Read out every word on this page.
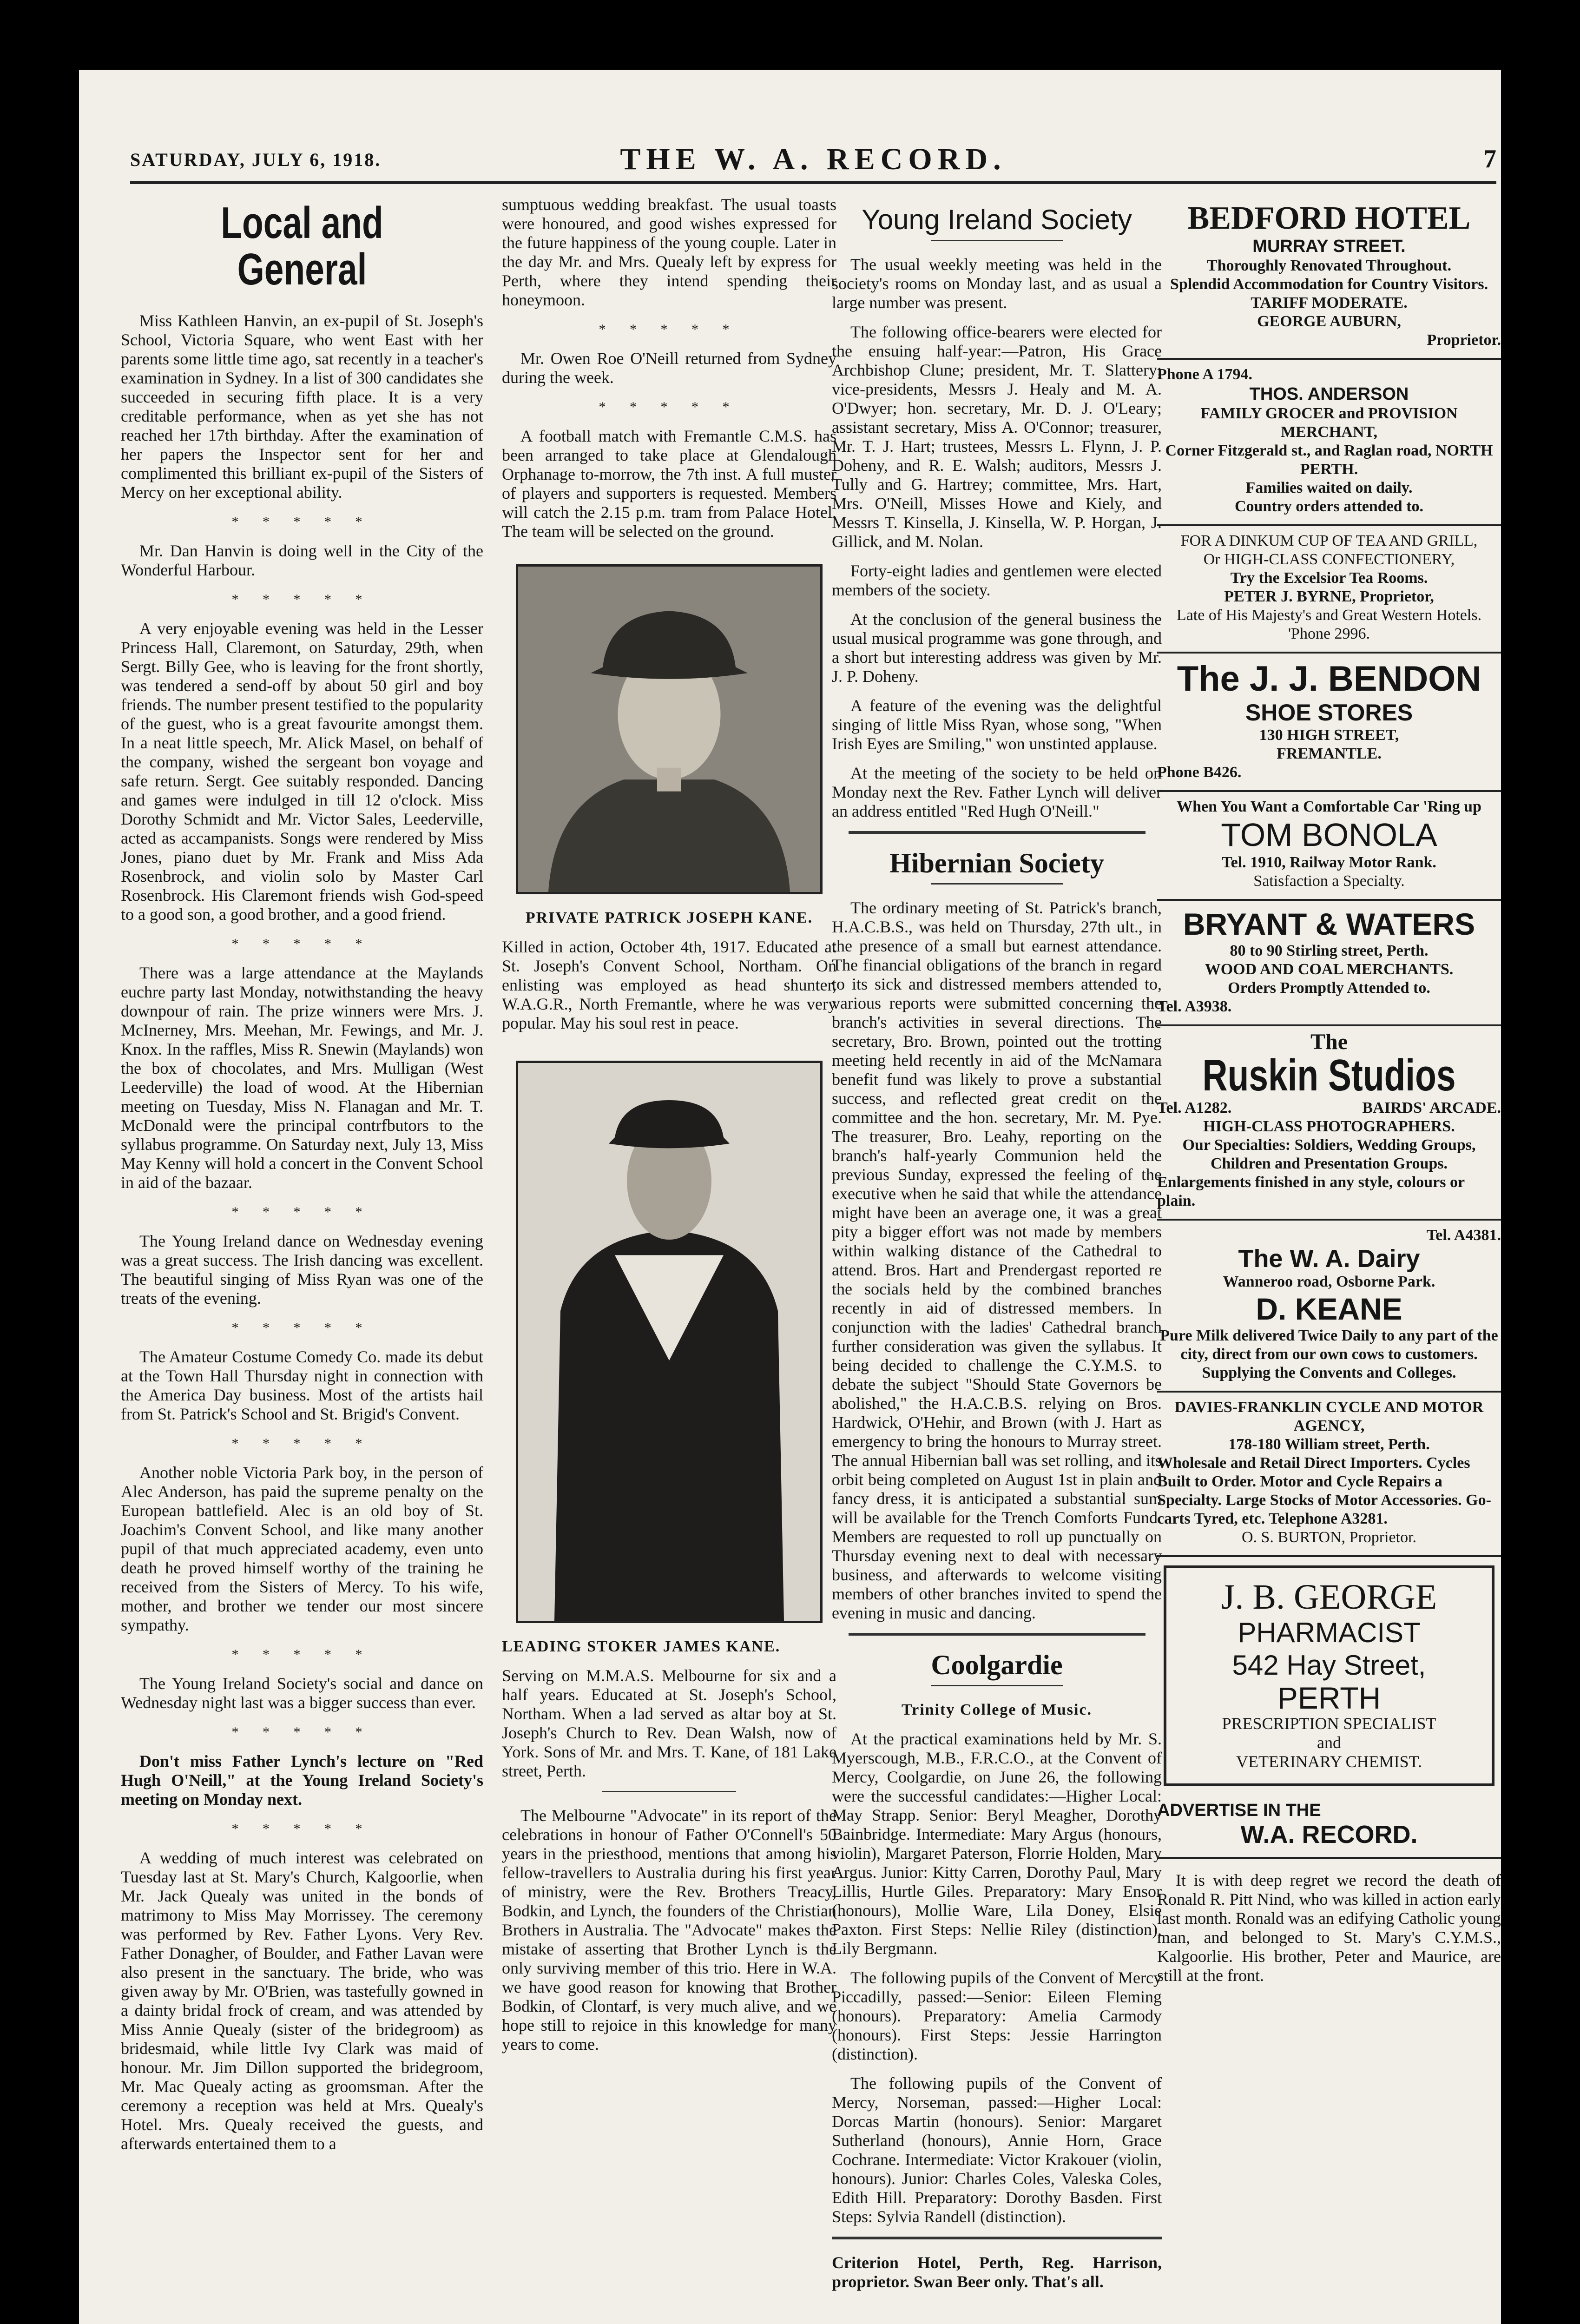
SATURDAY, JULY 6, 1918.	THE W. A. RECORD.	7
Local and General

Miss Kathleen Hanvin, an ex-pupil of St. Joseph's School, Victoria Square, who went East with her parents some little time ago, sat recently in a teacher's examination in Sydney. In a list of 300 candidates she succeeded in securing fifth place. It is a very creditable performance, when as yet she has not reached her 17th birthday. After the examination of her papers the Inspector sent for her and complimented this brilliant ex-pupil of the Sisters of Mercy on her exceptional ability.

* * * * *

Mr. Dan Hanvin is doing well in the City of the Wonderful Harbour.

* * * * *

A very enjoyable evening was held in the Lesser Princess Hall, Claremont, on Saturday, 29th, when Sergt. Billy Gee, who is leaving for the front shortly, was tendered a send-off by about 50 girl and boy friends. The number present testified to the popularity of the guest, who is a great favourite amongst them. In a neat little speech, Mr. Alick Masel, on behalf of the company, wished the sergeant bon voyage and safe return. Sergt. Gee suitably responded. Dancing and games were indulged in till 12 o'clock. Miss Dorothy Schmidt and Mr. Victor Sales, Leederville, acted as accampanists. Songs were rendered by Miss Jones, piano duet by Mr. Frank and Miss Ada Rosenbrock, and violin solo by Master Carl Rosenbrock. His Claremont friends wish God-speed to a good son, a good brother, and a good friend.

* * * * *

There was a large attendance at the Maylands euchre party last Monday, notwithstanding the heavy downpour of rain. The prize winners were Mrs. J. McInerney, Mrs. Meehan, Mr. Fewings, and Mr. J. Knox. In the raffles, Miss R. Snewin (Maylands) won the box of chocolates, and Mrs. Mulligan (West Leederville) the load of wood. At the Hibernian meeting on Tuesday, Miss N. Flanagan and Mr. T. McDonald were the principal contrfbutors to the syllabus programme. On Saturday next, July 13, Miss May Kenny will hold a concert in the Convent School in aid of the bazaar.

* * * * *

The Young Ireland dance on Wednesday evening was a great success. The Irish dancing was excellent. The beautiful singing of Miss Ryan was one of the treats of the evening.

* * * * *

The Amateur Costume Comedy Co. made its debut at the Town Hall Thursday night in connection with the America Day business. Most of the artists hail from St. Patrick's School and St. Brigid's Convent.

* * * * *

Another noble Victoria Park boy, in the person of Alec Anderson, has paid the supreme penalty on the European battlefield. Alec is an old boy of St. Joachim's Convent School, and like many another pupil of that much appreciated academy, even unto death he proved himself worthy of the training he received from the Sisters of Mercy. To his wife, mother, and brother we tender our most sincere sympathy.

* * * * *

The Young Ireland Society's social and dance on Wednesday night last was a bigger success than ever.

* * * * *

Don't miss Father Lynch's lecture on "Red Hugh O'Neill," at the Young Ireland Society's meeting on Monday next.

* * * * *

A wedding of much interest was celebrated on Tuesday last at St. Mary's Church, Kalgoorlie, when Mr. Jack Quealy was united in the bonds of matrimony to Miss May Morrissey. The ceremony was performed by Rev. Father Lyons. Very Rev. Father Donagher, of Boulder, and Father Lavan were also present in the sanctuary. The bride, who was given away by Mr. O'Brien, was tastefully gowned in a dainty bridal frock of cream, and was attended by Miss Annie Quealy (sister of the bridegroom) as bridesmaid, while little Ivy Clark was maid of honour. Mr. Jim Dillon supported the bridegroom, Mr. Mac Quealy acting as groomsman. After the ceremony a reception was held at Mrs. Quealy's Hotel. Mrs. Quealy received the guests, and afterwards entertained them to a

sumptuous wedding breakfast. The usual toasts were honoured, and good wishes expressed for the future happiness of the young couple. Later in the day Mr. and Mrs. Quealy left by express for Perth, where they intend spending their honeymoon.

* * * * *

Mr. Owen Roe O'Neill returned from Sydney during the week.

* * * * *

A football match with Fremantle C.M.S. has been arranged to take place at Glendalough Orphanage to-morrow, the 7th inst. A full muster of players and supporters is requested. Members will catch the 2.15 p.m. tram from Palace Hotel. The team will be selected on the ground.

PRIVATE PATRICK JOSEPH KANE.

Killed in action, October 4th, 1917. Educated at St. Joseph's Convent School, Northam. On enlisting was employed as head shunter, W.A.G.R., North Fremantle, where he was very popular. May his soul rest in peace.

LEADING STOKER JAMES KANE.

Serving on M.M.A.S. Melbourne for six and a half years. Educated at St. Joseph's School, Northam. When a lad served as altar boy at St. Joseph's Church to Rev. Dean Walsh, now of York. Sons of Mr. and Mrs. T. Kane, of 181 Lake street, Perth.

The Melbourne "Advocate" in its report of the celebrations in honour of Father O'Connell's 50 years in the priesthood, mentions that among his fellow-travellers to Australia during his first year of ministry, were the Rev. Brothers Treacy, Bodkin, and Lynch, the founders of the Christian Brothers in Australia. The "Advocate" makes the mistake of asserting that Brother Lynch is the only surviving member of this trio. Here in W.A. we have good reason for knowing that Brother Bodkin, of Clontarf, is very much alive, and we hope still to rejoice in this knowledge for many years to come.

Young Ireland Society

The usual weekly meeting was held in the society's rooms on Monday last, and as usual a large number was present.

The following office-bearers were elected for the ensuing half-year:—Patron, His Grace Archbishop Clune; president, Mr. T. Slattery; vice-presidents, Messrs J. Healy and M. A. O'Dwyer; hon. secretary, Mr. D. J. O'Leary; assistant secretary, Miss A. O'Connor; treasurer, Mr. T. J. Hart; trustees, Messrs L. Flynn, J. P. Doheny, and R. E. Walsh; auditors, Messrs J. Tully and G. Hartrey; committee, Mrs. Hart, Mrs. O'Neill, Misses Howe and Kiely, and Messrs T. Kinsella, J. Kinsella, W. P. Horgan, J. Gillick, and M. Nolan.

Forty-eight ladies and gentlemen were elected members of the society.

At the conclusion of the general business the usual musical programme was gone through, and a short but interesting address was given by Mr. J. P. Doheny.

A feature of the evening was the delightful singing of little Miss Ryan, whose song, "When Irish Eyes are Smiling," won unstinted applause.

At the meeting of the society to be held on Monday next the Rev. Father Lynch will deliver an address entitled "Red Hugh O'Neill."

Hibernian Society

The ordinary meeting of St. Patrick's branch, H.A.C.B.S., was held on Thursday, 27th ult., in the presence of a small but earnest attendance. The financial obligations of the branch in regard to its sick and distressed members attended to, various reports were submitted concerning the branch's activities in several directions. The secretary, Bro. Brown, pointed out the trotting meeting held recently in aid of the McNamara benefit fund was likely to prove a substantial success, and reflected great credit on the committee and the hon. secretary, Mr. M. Pye. The treasurer, Bro. Leahy, reporting on the branch's half-yearly Communion held the previous Sunday, expressed the feeling of the executive when he said that while the attendance might have been an average one, it was a great pity a bigger effort was not made by members within walking distance of the Cathedral to attend. Bros. Hart and Prendergast reported re the socials held by the combined branches recently in aid of distressed members. In conjunction with the ladies' Cathedral branch further consideration was given the syllabus. It being decided to challenge the C.Y.M.S. to debate the subject "Should State Governors be abolished," the H.A.C.B.S. relying on Bros. Hardwick, O'Hehir, and Brown (with J. Hart as emergency to bring the honours to Murray street. The annual Hibernian ball was set rolling, and its orbit being completed on August 1st in plain and fancy dress, it is anticipated a substantial sum will be available for the Trench Comforts Fund. Members are requested to roll up punctually on Thursday evening next to deal with necessary business, and afterwards to welcome visiting members of other branches invited to spend the evening in music and dancing.

Coolgardie

Trinity College of Music.

At the practical examinations held by Mr. S. Myerscough, M.B., F.R.C.O., at the Convent of Mercy, Coolgardie, on June 26, the following were the successful candidates:—Higher Local: May Strapp. Senior: Beryl Meagher, Dorothy Bainbridge. Intermediate: Mary Argus (honours, violin), Margaret Paterson, Florrie Holden, Mary Argus. Junior: Kitty Carren, Dorothy Paul, Mary Lillis, Hurtle Giles. Preparatory: Mary Ensor (honours), Mollie Ware, Lila Doney, Elsie Paxton. First Steps: Nellie Riley (distinction), Lily Bergmann.

The following pupils of the Convent of Mercy Piccadilly, passed:—Senior: Eileen Fleming (honours). Preparatory: Amelia Carmody (honours). First Steps: Jessie Harrington (distinction).

The following pupils of the Convent of Mercy, Norseman, passed:—Higher Local: Dorcas Martin (honours). Senior: Margaret Sutherland (honours), Annie Horn, Grace Cochrane. Intermediate: Victor Krakouer (violin, honours). Junior: Charles Coles, Valeska Coles, Edith Hill. Preparatory: Dorothy Basden. First Steps: Sylvia Randell (distinction).

Criterion Hotel, Perth, Reg. Harrison, proprietor. Swan Beer only. That's all.

BEDFORD HOTEL
MURRAY STREET.
Thoroughly Renovated Throughout.
Splendid Accommodation for Country Visitors.
TARIFF MODERATE.
GEORGE AUBURN,
Proprietor.
Phone A 1794.
THOS. ANDERSON
FAMILY GROCER and PROVISION MERCHANT,
Corner Fitzgerald st., and Raglan road, NORTH PERTH.
Families waited on daily.
Country orders attended to.
FOR A DINKUM CUP OF TEA AND GRILL,
Or HIGH-CLASS CONFECTIONERY,
Try the Excelsior Tea Rooms.
PETER J. BYRNE, Proprietor,
Late of His Majesty's and Great Western Hotels. 'Phone 2996.
The J. J. BENDON
SHOE STORES
130 HIGH STREET,
FREMANTLE.
Phone B426.
When You Want a Comfortable Car 'Ring up
TOM BONOLA
Tel. 1910, Railway Motor Rank.
Satisfaction a Specialty.
BRYANT & WATERS
80 to 90 Stirling street, Perth.
WOOD AND COAL MERCHANTS.
Orders Promptly Attended to.
Tel. A3938.
The
Ruskin Studios
Tel. A1282.	BAIRDS' ARCADE.
HIGH-CLASS PHOTOGRAPHERS.
Our Specialties: Soldiers, Wedding Groups, Children and Presentation Groups.
Enlargements finished in any style, colours or plain.
Tel. A4381.
The W. A. Dairy
Wanneroo road, Osborne Park.
D. KEANE
Pure Milk delivered Twice Daily to any part of the city, direct from our own cows to customers.
Supplying the Convents and Colleges.
DAVIES-FRANKLIN CYCLE AND MOTOR AGENCY,
178-180 William street, Perth.
Wholesale and Retail Direct Importers. Cycles Built to Order. Motor and Cycle Repairs a Specialty. Large Stocks of Motor Accessories. Go-carts Tyred, etc. Telephone A3281.
O. S. BURTON, Proprietor.
J. B. GEORGE
PHARMACIST
542 Hay Street,
PERTH
PRESCRIPTION SPECIALIST
and
VETERINARY CHEMIST.
ADVERTISE IN THE
W.A. RECORD.

It is with deep regret we record the death of Ronald R. Pitt Nind, who was killed in action early last month. Ronald was an edifying Catholic young man, and belonged to St. Mary's C.Y.M.S., Kalgoorlie. His brother, Peter and Maurice, are still at the front.
